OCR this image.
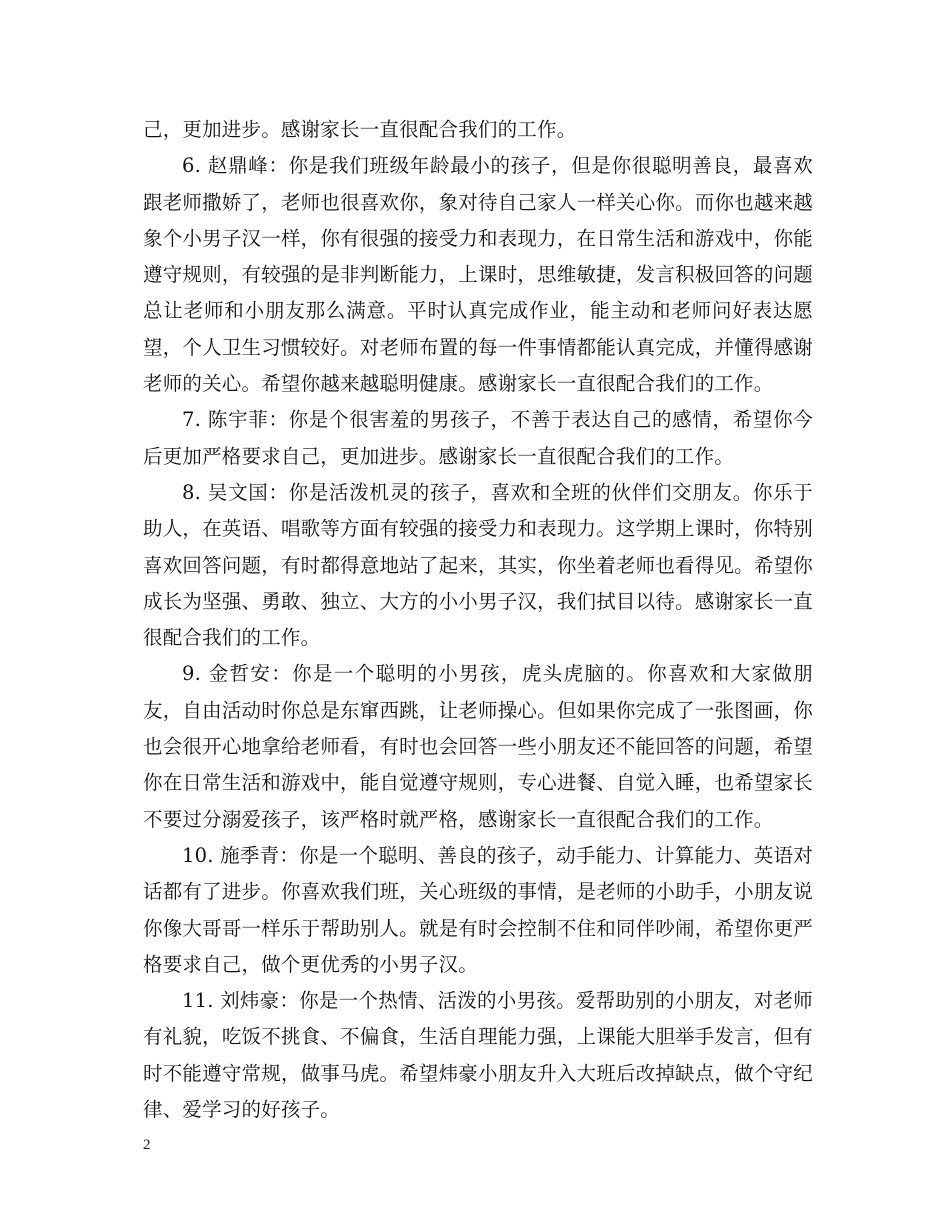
己，更加进步。感谢家长一直很配合我们的工作。

6. 赵鼎峰：你是我们班级年龄最小的孩子，但是你很聪明善良，最喜欢跟老师撒娇了，老师也很喜欢你，象对待自己家人一样关心你。而你也越来越象个小男子汉一样，你有很强的接受力和表现力，在日常生活和游戏中，你能遵守规则，有较强的是非判断能力，上课时，思维敏捷，发言积极回答的问题总让老师和小朋友那么满意。平时认真完成作业，能主动和老师问好表达愿望，个人卫生习惯较好。对老师布置的每一件事情都能认真完成，并懂得感谢老师的关心。希望你越来越聪明健康。感谢家长一直很配合我们的工作。

7. 陈宇菲：你是个很害羞的男孩子，不善于表达自己的感情，希望你今后更加严格要求自己，更加进步。感谢家长一直很配合我们的工作。

8. 吴文国：你是活泼机灵的孩子，喜欢和全班的伙伴们交朋友。你乐于助人，在英语、唱歌等方面有较强的接受力和表现力。这学期上课时，你特别喜欢回答问题，有时都得意地站了起来，其实，你坐着老师也看得见。希望你成长为坚强、勇敢、独立、大方的小小男子汉，我们拭目以待。感谢家长一直很配合我们的工作。

9. 金哲安：你是一个聪明的小男孩，虎头虎脑的。你喜欢和大家做朋友，自由活动时你总是东窜西跳，让老师操心。但如果你完成了一张图画，你也会很开心地拿给老师看，有时也会回答一些小朋友还不能回答的问题，希望你在日常生活和游戏中，能自觉遵守规则，专心进餐、自觉入睡，也希望家长不要过分溺爱孩子，该严格时就严格，感谢家长一直很配合我们的工作。

10. 施季青：你是一个聪明、善良的孩子，动手能力、计算能力、英语对话都有了进步。你喜欢我们班，关心班级的事情，是老师的小助手，小朋友说你像大哥哥一样乐于帮助别人。就是有时会控制不住和同伴吵闹，希望你更严格要求自己，做个更优秀的小男子汉。

11. 刘炜豪：你是一个热情、活泼的小男孩。爱帮助别的小朋友，对老师有礼貌，吃饭不挑食、不偏食，生活自理能力强，上课能大胆举手发言，但有时不能遵守常规，做事马虎。希望炜豪小朋友升入大班后改掉缺点，做个守纪律、爱学习的好孩子。

2
